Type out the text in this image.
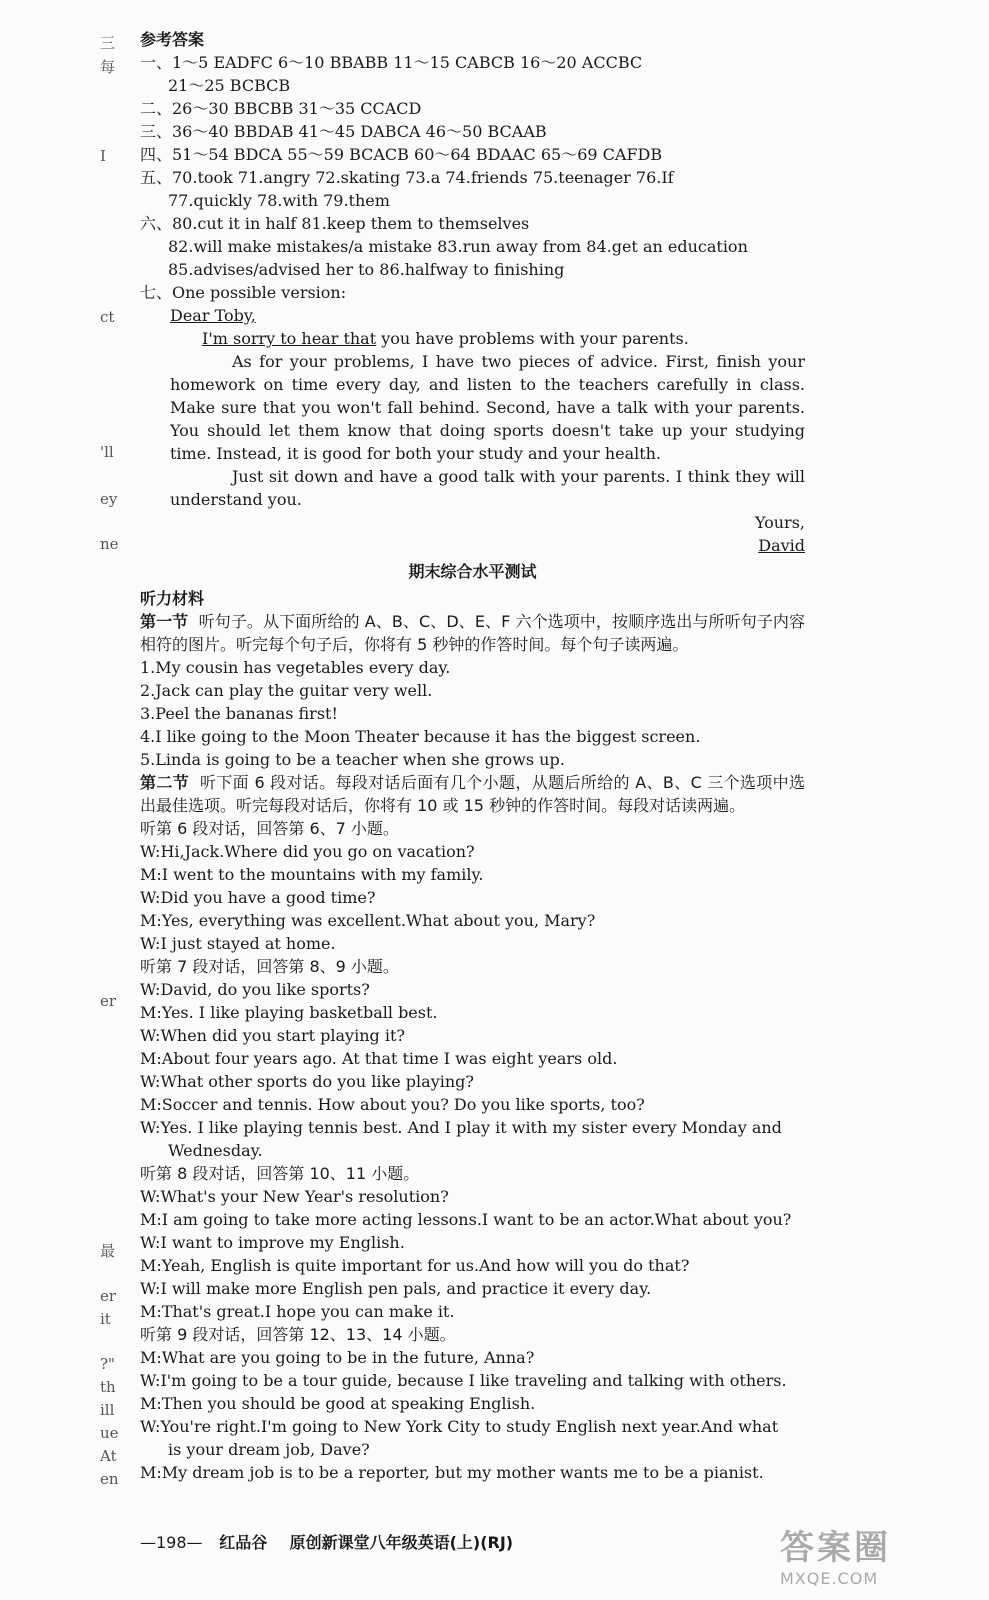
三
每
I
ct
'll
ey
ne
er
最
er
it
?"
th
ill
ue
At
en
参考答案
一、1～5 EADFC 6～10 BBABB 11～15 CABCB 16～20 ACCBC
21～25 BCBCB
二、26～30 BBCBB 31～35 CCACD
三、36～40 BBDAB 41～45 DABCA 46～50 BCAAB
四、51～54 BDCA 55～59 BCACB 60～64 BDAAC 65～69 CAFDB
五、70.took 71.angry 72.skating 73.a 74.friends 75.teenager 76.If
77.quickly 78.with 79.them
六、80.cut it in half 81.keep them to themselves
82.will make mistakes/a mistake 83.run away from 84.get an education
85.advises/advised her to 86.halfway to finishing
七、One possible version:
Dear Toby,
I'm sorry to hear that you have problems with your parents.
As for your problems, I have two pieces of advice. First, finish your homework on time every day, and listen to the teachers carefully in class. Make sure that you won't fall behind. Second, have a talk with your parents. You should let them know that doing sports doesn't take up your studying time. Instead, it is good for both your study and your health.
Just sit down and have a good talk with your parents. I think they will understand you.
Yours,
David
期末综合水平测试
听力材料
第一节 听句子。从下面所给的 A、B、C、D、E、F 六个选项中，按顺序选出与所听句子内容相符的图片。听完每个句子后，你将有 5 秒钟的作答时间。每个句子读两遍。
1.My cousin has vegetables every day.
2.Jack can play the guitar very well.
3.Peel the bananas first!
4.I like going to the Moon Theater because it has the biggest screen.
5.Linda is going to be a teacher when she grows up.
第二节 听下面 6 段对话。每段对话后面有几个小题，从题后所给的 A、B、C 三个选项中选出最佳选项。听完每段对话后，你将有 10 或 15 秒钟的作答时间。每段对话读两遍。
听第 6 段对话，回答第 6、7 小题。
W:Hi,Jack.Where did you go on vacation?
M:I went to the mountains with my family.
W:Did you have a good time?
M:Yes, everything was excellent.What about you, Mary?
W:I just stayed at home.
听第 7 段对话，回答第 8、9 小题。
W:David, do you like sports?
M:Yes. I like playing basketball best.
W:When did you start playing it?
M:About four years ago. At that time I was eight years old.
W:What other sports do you like playing?
M:Soccer and tennis. How about you? Do you like sports, too?
W:Yes. I like playing tennis best. And I play it with my sister every Monday and
Wednesday.
听第 8 段对话，回答第 10、11 小题。
W:What's your New Year's resolution?
M:I am going to take more acting lessons.I want to be an actor.What about you?
W:I want to improve my English.
M:Yeah, English is quite important for us.And how will you do that?
W:I will make more English pen pals, and practice it every day.
M:That's great.I hope you can make it.
听第 9 段对话，回答第 12、13、14 小题。
M:What are you going to be in the future, Anna?
W:I'm going to be a tour guide, because I like traveling and talking with others.
M:Then you should be good at speaking English.
W:You're right.I'm going to New York City to study English next year.And what
is your dream job, Dave?
M:My dream job is to be a reporter, but my mother wants me to be a pianist.
—198— 红品谷 原创新课堂八年级英语(上)(RJ)	答案圈
MXQE.COM
